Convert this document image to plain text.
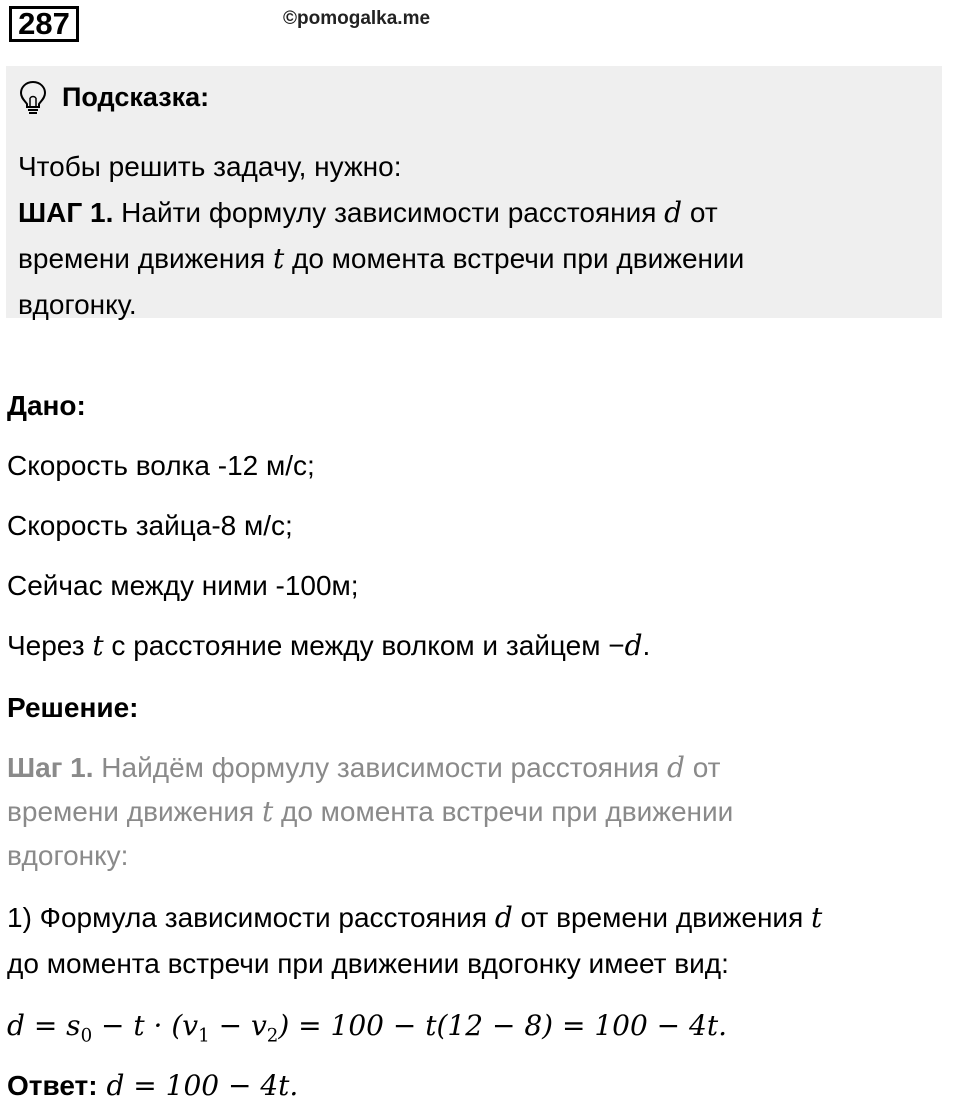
287	©pomogalka.me
Подсказка:
Чтобы решить задачу, нужно:
ШАГ 1. Найти формулу зависимости расстояния d от
времени движения t до момента встречи при движении
вдогонку.
Дано:
Скорость волка -12 м/с;
Скорость зайца-8 м/с;
Сейчас между ними -100м;
Через t с расстояние между волком и зайцем −d.
Решение:
Шаг 1. Найдём формулу зависимости расстояния d от
времени движения t до момента встречи при движении
вдогонку:
1) Формула зависимости расстояния d от времени движения t
до момента встречи при движении вдогонку имеет вид:
$d = s_0 - t \cdot (v_1 - v_2) = 100 - t(12 - 8) = 100 - 4t$.
Ответ: d = 100 − 4t.
